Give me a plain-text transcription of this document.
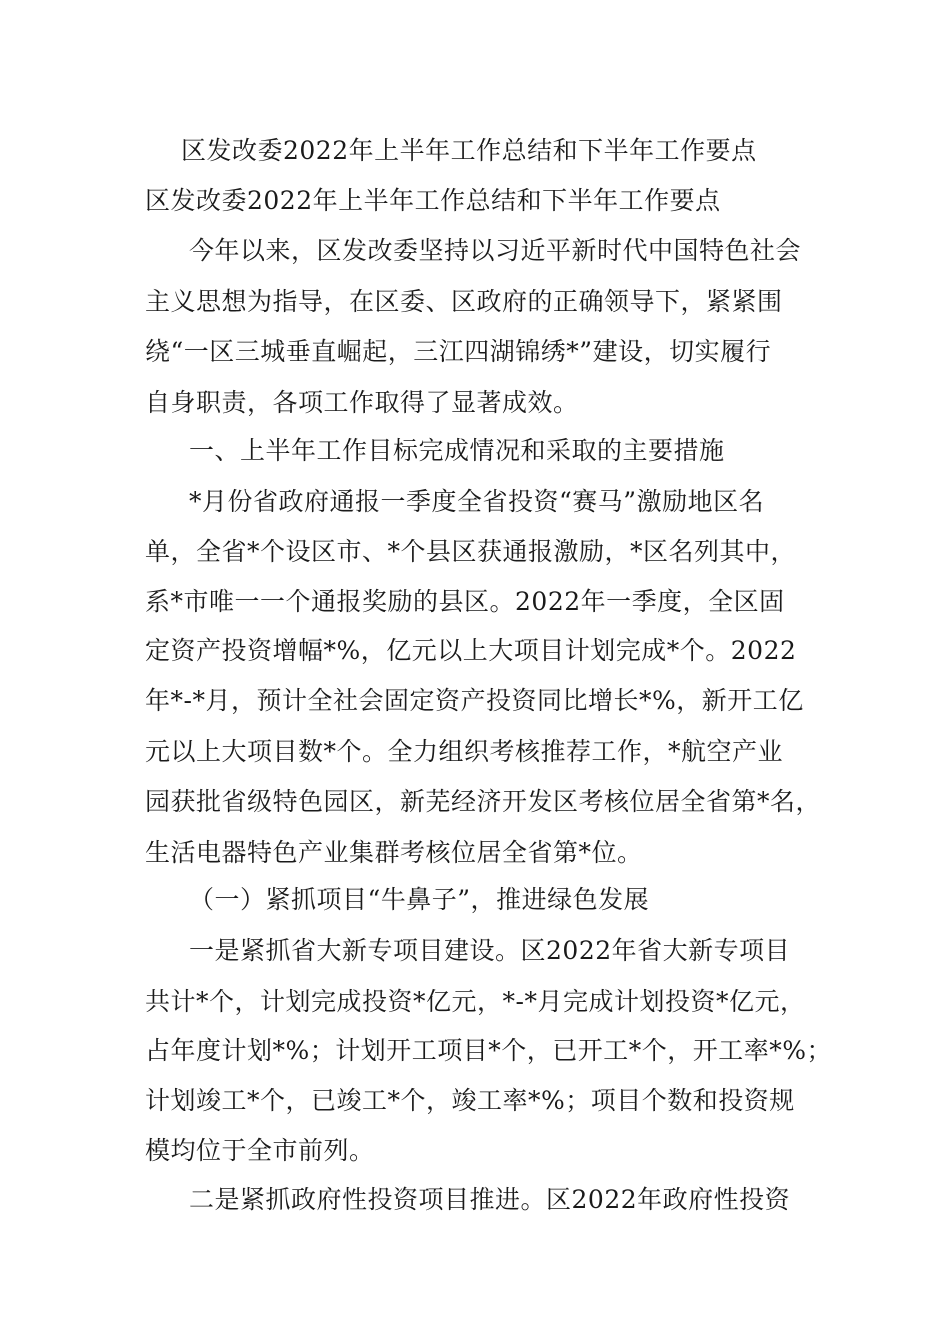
区发改委2022年上半年工作总结和下半年工作要点
区发改委2022年上半年工作总结和下半年工作要点
今年以来，区发改委坚持以习近平新时代中国特色社会
主义思想为指导，在区委、区政府的正确领导下，紧紧围
绕“一区三城垂直崛起，三江四湖锦绣*”建设，切实履行
自身职责，各项工作取得了显著成效。
一、上半年工作目标完成情况和采取的主要措施
*月份省政府通报一季度全省投资“赛马”激励地区名
单，全省*个设区市、*个县区获通报激励，*区名列其中，
系*市唯一一个通报奖励的县区。2022年一季度，全区固
定资产投资增幅*%，亿元以上大项目计划完成*个。2022
年*-*月，预计全社会固定资产投资同比增长*%，新开工亿
元以上大项目数*个。全力组织考核推荐工作，*航空产业
园获批省级特色园区，新芜经济开发区考核位居全省第*名，
生活电器特色产业集群考核位居全省第*位。
（一）紧抓项目“牛鼻子”，推进绿色发展
一是紧抓省大新专项目建设。区2022年省大新专项目
共计*个，计划完成投资*亿元，*-*月完成计划投资*亿元，
占年度计划*%；计划开工项目*个，已开工*个，开工率*%；
计划竣工*个，已竣工*个，竣工率*%；项目个数和投资规
模均位于全市前列。
二是紧抓政府性投资项目推进。区2022年政府性投资
